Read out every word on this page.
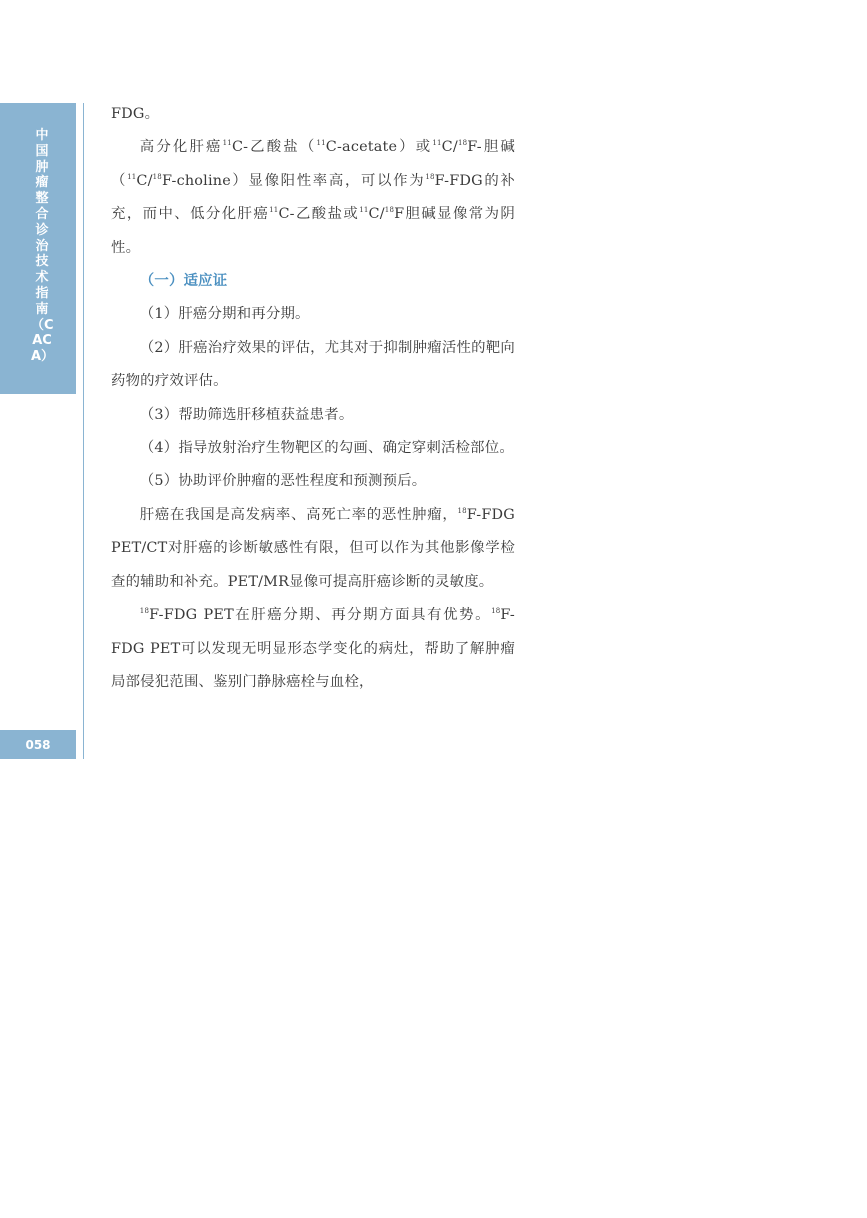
中国肿瘤整合诊治技术指南（CACA）
058

FDG。

高分化肝癌$^{11}$C-乙酸盐（$^{11}$C-acetate）或$^{11}$C/$^{18}$F-胆碱（$^{11}$C/$^{18}$F-choline）显像阳性率高，可以作为$^{18}$F-FDG的补充，而中、低分化肝癌$^{11}$C-乙酸盐或$^{11}$C/$^{18}$F胆碱显像常为阴性。

（一）适应证

（1）肝癌分期和再分期。

（2）肝癌治疗效果的评估，尤其对于抑制肿瘤活性的靶向药物的疗效评估。

（3）帮助筛选肝移植获益患者。

（4）指导放射治疗生物靶区的勾画、确定穿刺活检部位。

（5）协助评价肿瘤的恶性程度和预测预后。

肝癌在我国是高发病率、高死亡率的恶性肿瘤，$^{18}$F-FDG PET/CT对肝癌的诊断敏感性有限，但可以作为其他影像学检查的辅助和补充。PET/MR显像可提高肝癌诊断的灵敏度。

$^{18}$F-FDG PET在肝癌分期、再分期方面具有优势。$^{18}$F-FDG PET可以发现无明显形态学变化的病灶，帮助了解肿瘤局部侵犯范围、鉴别门静脉癌栓与血栓，
